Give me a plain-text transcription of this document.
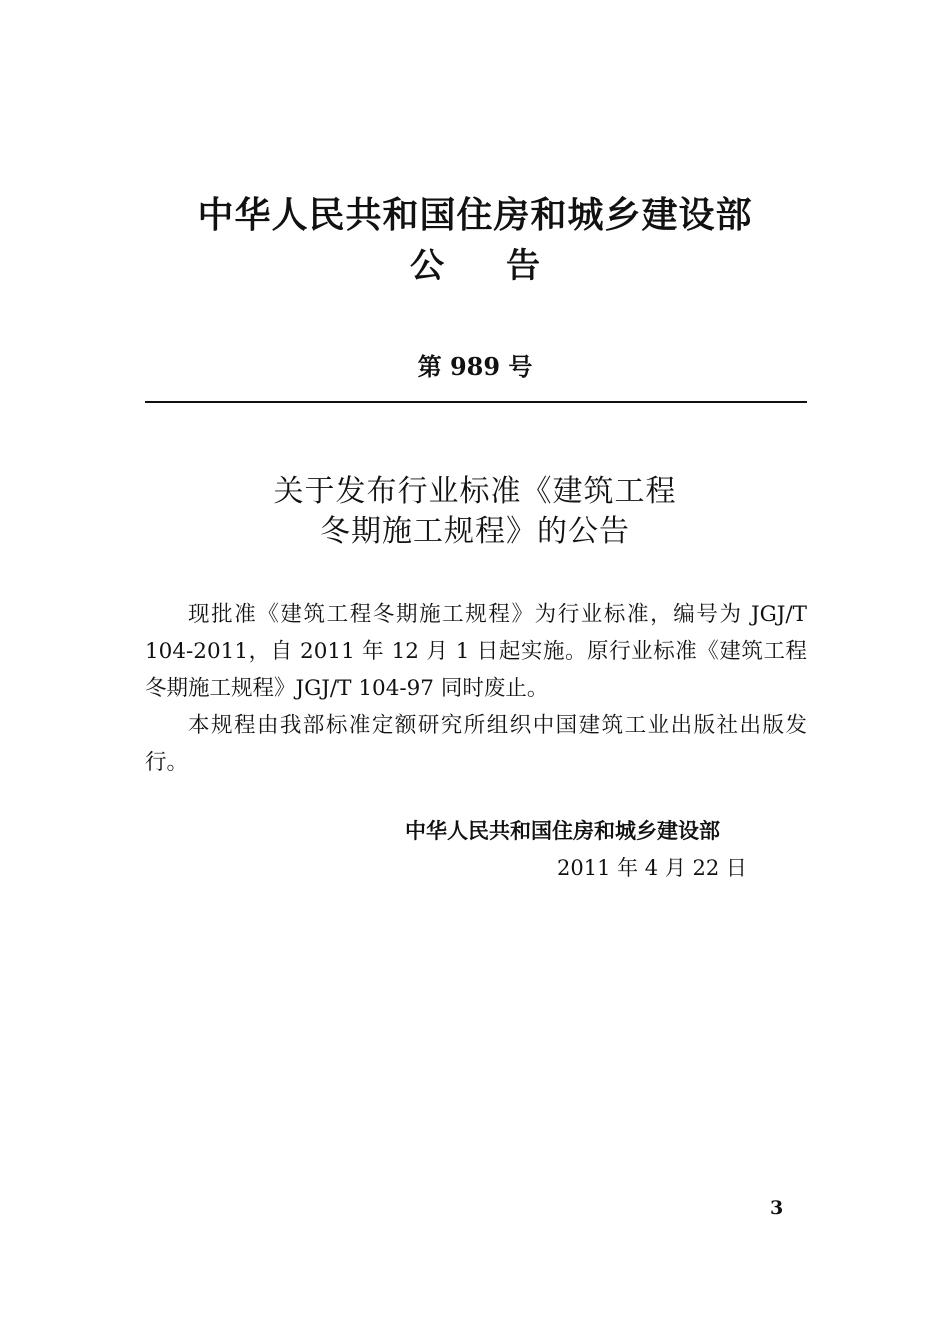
中华人民共和国住房和城乡建设部
公告
第 989 号
关于发布行业标准《建筑工程
冬期施工规程》的公告

现批准《建筑工程冬期施工规程》为行业标准，编号为 JGJ/T 104-2011，自 2011 年 12 月 1 日起实施。原行业标准《建筑工程冬期施工规程》JGJ/T 104-97 同时废止。

本规程由我部标准定额研究所组织中国建筑工业出版社出版发行。

中华人民共和国住房和城乡建设部
2011 年 4 月 22 日
3
